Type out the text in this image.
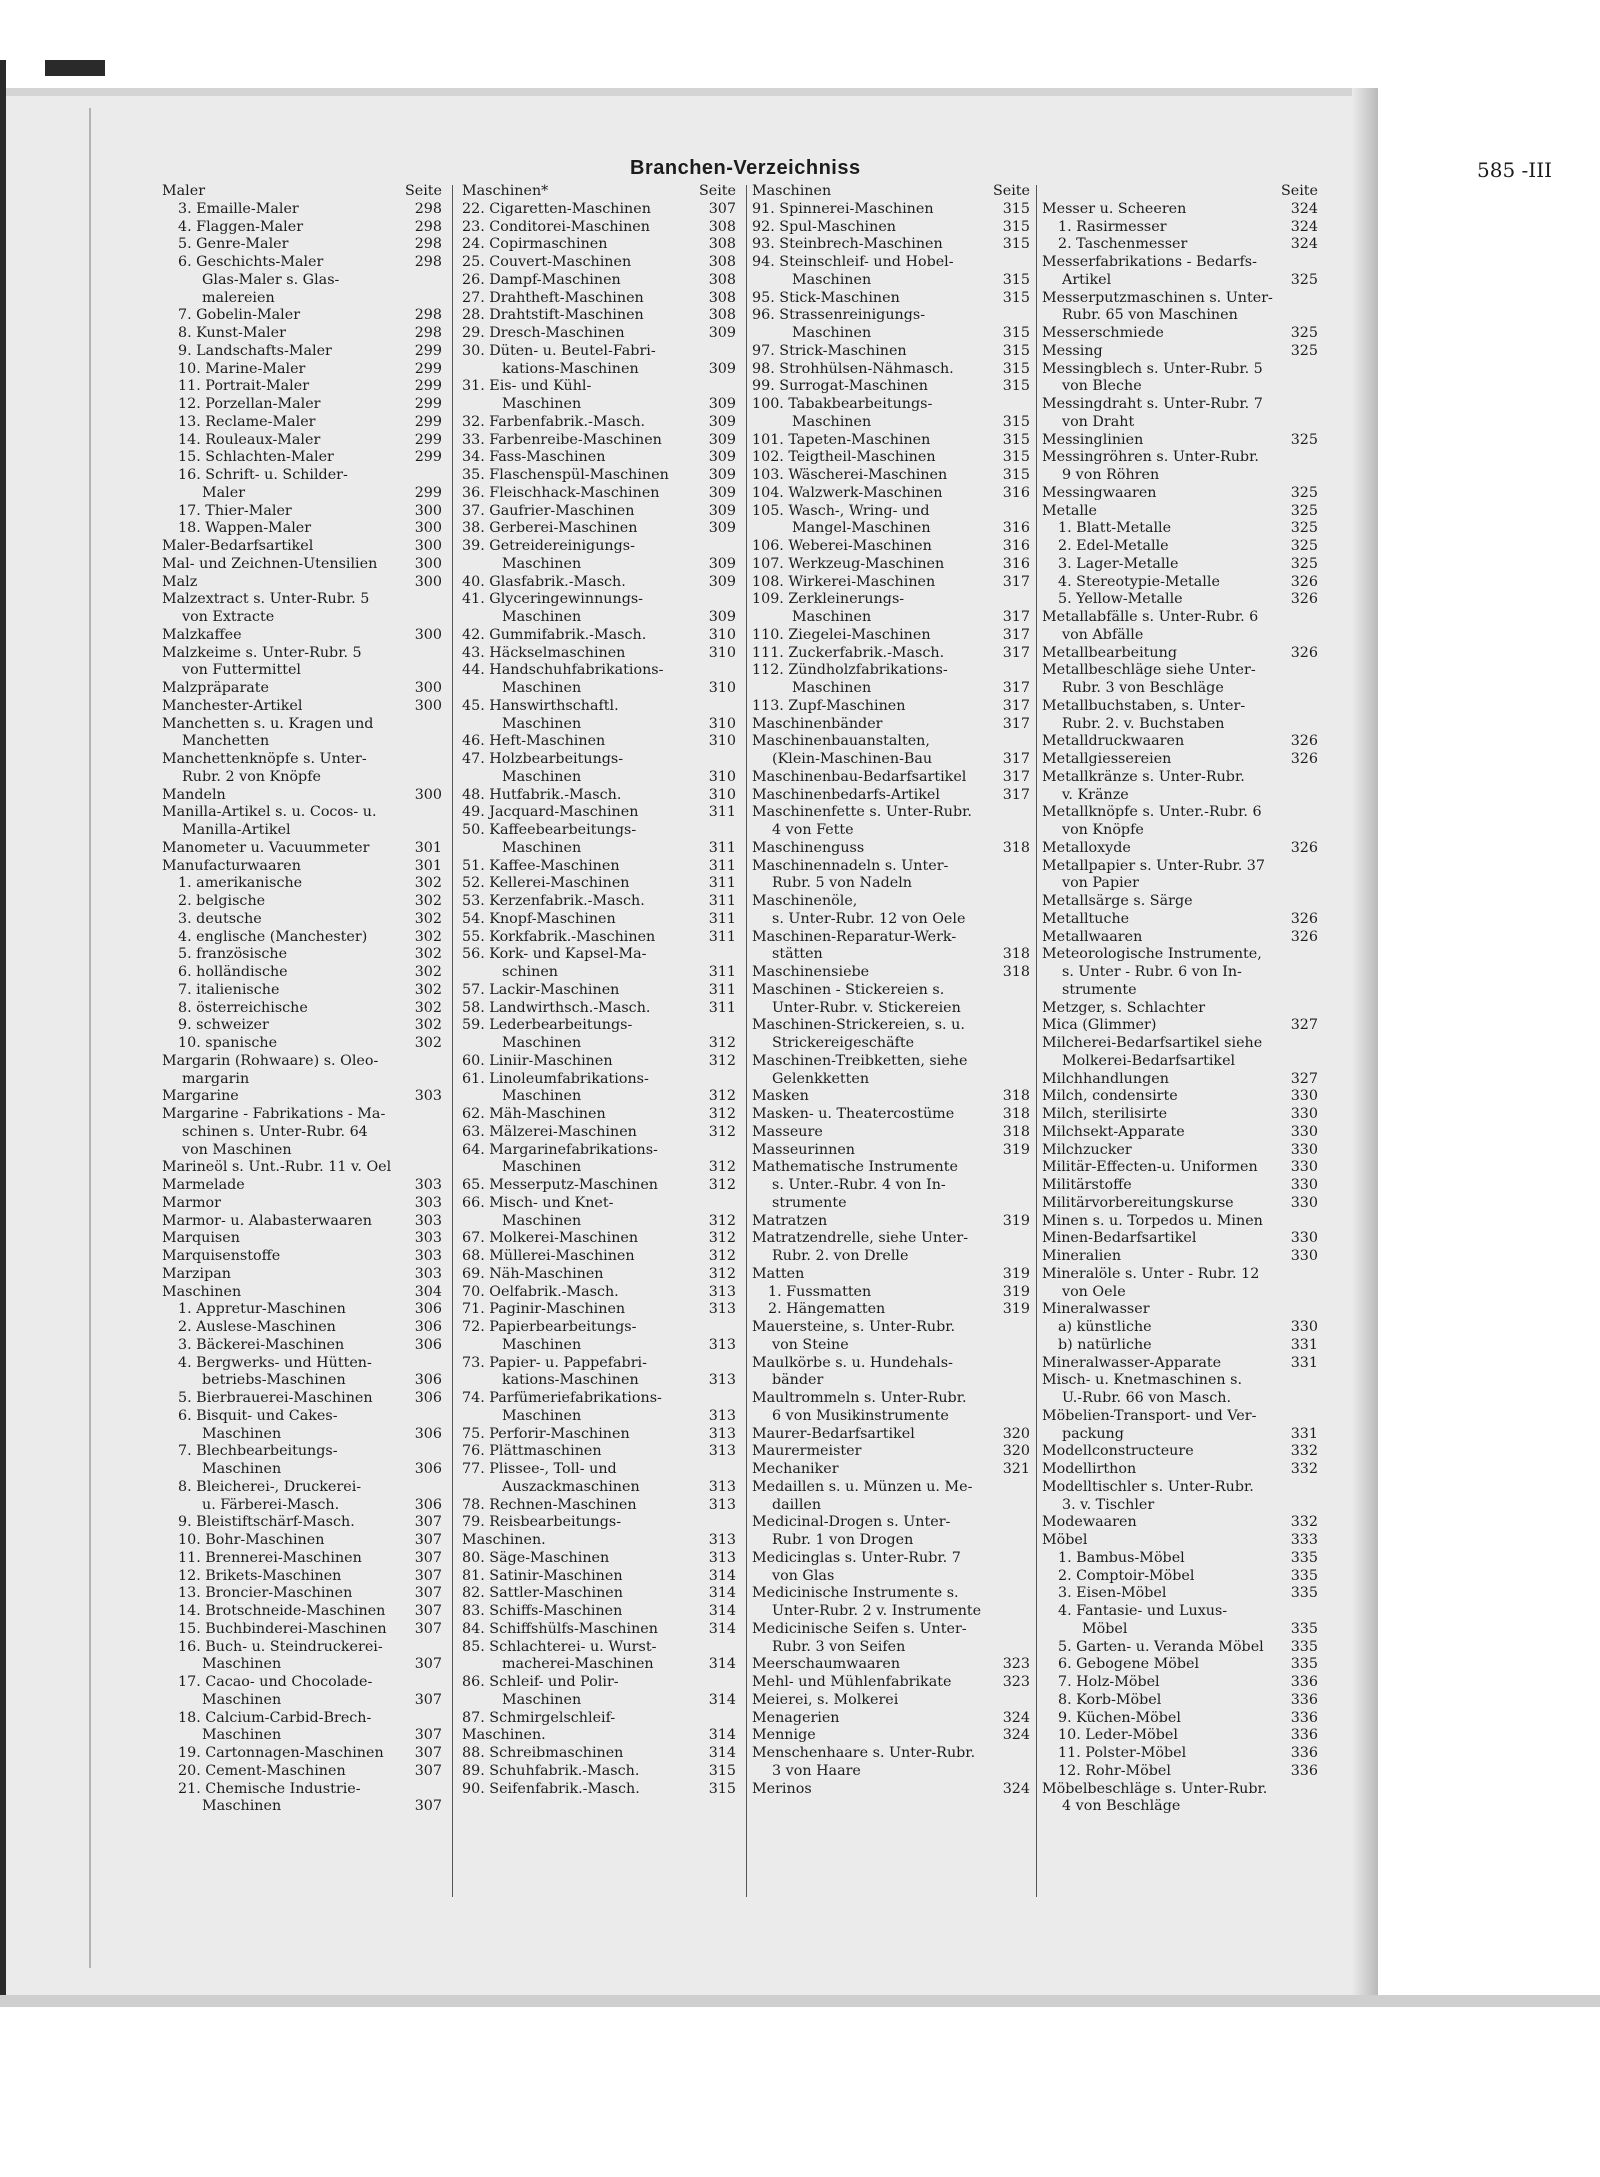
Branchen-Verzeichniss	585 -III
Maler	Seite
3. Emaille-Maler . . .	298
4. Flaggen-Maler . . .	298
5. Genre-Maler . . .	298
6. Geschichts-Maler . . .	298
Glas-Maler s. Glas-
malereien
7. Gobelin-Maler . . .	298
8. Kunst-Maler . . .	298
9. Landschafts-Maler . . .	299
10. Marine-Maler . . .	299
11. Portrait-Maler . . .	299
12. Porzellan-Maler . . .	299
13. Reclame-Maler . . .	299
14. Rouleaux-Maler . . .	299
15. Schlachten-Maler . . .	299
16. Schrift- u. Schilder-
Maler . . .	299
17. Thier-Maler . . .	300
18. Wappen-Maler . . .	300
Maler-Bedarfsartikel . . .	300
Mal- und Zeichnen-Utensilien . . .	300
Malz . . .	300
Malzextract s. Unter-Rubr. 5
von Extracte
Malzkaffee . . .	300
Malzkeime s. Unter-Rubr. 5
von Futtermittel
Malzpräparate . . .	300
Manchester-Artikel . . .	300
Manchetten s. u. Kragen und
Manchetten
Manchettenknöpfe s. Unter-
Rubr. 2 von Knöpfe
Mandeln . . .	300
Manilla-Artikel s. u. Cocos- u.
Manilla-Artikel
Manometer u. Vacuummeter . . .	301
Manufacturwaaren . . .	301
1. amerikanische . . .	302
2. belgische . . .	302
3. deutsche . . .	302
4. englische (Manchester) . . .	302
5. französische . . .	302
6. holländische . . .	302
7. italienische . . .	302
8. österreichische . . .	302
9. schweizer . . .	302
10. spanische . . .	302
Margarin (Rohwaare) s. Oleo-
margarin
Margarine . . .	303
Margarine - Fabrikations - Ma-
schinen s. Unter-Rubr. 64
von Maschinen
Marineöl s. Unt.-Rubr. 11 v. Oel
Marmelade . . .	303
Marmor . . .	303
Marmor- u. Alabasterwaaren . . .	303
Marquisen . . .	303
Marquisenstoffe . . .	303
Marzipan . . .	303
Maschinen . . .	304
1. Appretur-Maschinen . . .	306
2. Auslese-Maschinen . . .	306
3. Bäckerei-Maschinen . . .	306
4. Bergwerks- und Hütten-
betriebs-Maschinen . . .	306
5. Bierbrauerei-Maschinen . . .	306
6. Bisquit- und Cakes-
Maschinen . . .	306
7. Blechbearbeitungs-
Maschinen . . .	306
8. Bleicherei-, Druckerei-
u. Färberei-Masch. . . .	306
9. Bleistiftschärf-Masch. . . .	307
10. Bohr-Maschinen . . .	307
11. Brennerei-Maschinen . . .	307
12. Brikets-Maschinen . . .	307
13. Broncier-Maschinen . . .	307
14. Brotschneide-Maschinen . . . 307
15. Buchbinderei-Maschinen . . . 307
16. Buch- u. Steindruckerei-
Maschinen . . .	307
17. Cacao- und Chocolade-
Maschinen . . .	307
18. Calcium-Carbid-Brech-
Maschinen . . .	307
19. Cartonnagen-Maschinen . . . 307
20. Cement-Maschinen . . .	307
21. Chemische Industrie-
Maschinen . . .	307
Maschinen*	Seite
22. Cigaretten-Maschinen . . .	307
23. Conditorei-Maschinen . . .	308
24. Copirmaschinen . . .	308
25. Couvert-Maschinen . . .	308
26. Dampf-Maschinen . . .	308
27. Drahtheft-Maschinen . . .	308
28. Drahtstift-Maschinen . . .	308
29. Dresch-Maschinen . . .	309
30. Düten- u. Beutel-Fabri-
kations-Maschinen . . .	309
31. Eis- und Kühl-
Maschinen . . .	309
32. Farbenfabrik.-Masch. . . .	309
33. Farbenreibe-Maschinen . . .	309
34. Fass-Maschinen . . .	309
35. Flaschenspül-Maschinen . . .	309
36. Fleischhack-Maschinen . . .	309
37. Gaufrier-Maschinen . . .	309
38. Gerberei-Maschinen . . .	309
39. Getreidereinigungs-
Maschinen . . .	309
40. Glasfabrik.-Masch. . . .	309
41. Glyceringewinnungs-
Maschinen . . .	309
42. Gummifabrik.-Masch. . . .	310
43. Häckselmaschinen . . .	310
44. Handschuhfabrikations-
Maschinen . . .	310
45. Hanswirthschaftl.
Maschinen . . .	310
46. Heft-Maschinen . . .	310
47. Holzbearbeitungs-
Maschinen . . .	310
48. Hutfabrik.-Masch. . . .	310
49. Jacquard-Maschinen . . .	311
50. Kaffeebearbeitungs-
Maschinen . . .	311
51. Kaffee-Maschinen . . .	311
52. Kellerei-Maschinen . . .	311
53. Kerzenfabrik.-Masch. . . .	311
54. Knopf-Maschinen . . .	311
55. Korkfabrik.-Maschinen . . .	311
56. Kork- und Kapsel-Ma-
schinen . . .	311
57. Lackir-Maschinen . . .	311
58. Landwirthsch.-Masch. . . .	311
59. Lederbearbeitungs-
Maschinen . . .	312
60. Liniir-Maschinen . . .	312
61. Linoleumfabrikations-
Maschinen . . .	312
62. Mäh-Maschinen . . .	312
63. Mälzerei-Maschinen . . .	312
64. Margarinefabrikations-
Maschinen . . .	312
65. Messerputz-Maschinen . . .	312
66. Misch- und Knet-
Maschinen . . .	312
67. Molkerei-Maschinen . . .	312
68. Müllerei-Maschinen . . .	312
69. Näh-Maschinen . . .	312
70. Oelfabrik.-Masch. . . .	313
71. Paginir-Maschinen . . .	313
72. Papierbearbeitungs-
Maschinen . . .	313
73. Papier- u. Pappefabri-
kations-Maschinen . . .	313
74. Parfümeriefabrikations-
Maschinen . . .	313
75. Perforir-Maschinen . . .	313
76. Plättmaschinen . . .	313
77. Plissee-, Toll- und
Auszackmaschinen . . .	313
78. Rechnen-Maschinen . . .	313
79. Reisbearbeitungs-
Maschinen. . . .	313
80. Säge-Maschinen . . .	313
81. Satinir-Maschinen . . .	314
82. Sattler-Maschinen . . .	314
83. Schiffs-Maschinen . . .	314
84. Schiffshülfs-Maschinen . . .	314
85. Schlachterei- u. Wurst-
macherei-Maschinen . . .	314
86. Schleif- und Polir-
Maschinen . . .	314
87. Schmirgelschleif-
Maschinen. . . .	314
88. Schreibmaschinen . . .	314
89. Schuhfabrik.-Masch. . . .	315
90. Seifenfabrik.-Masch. . . .	315
Maschinen	Seite
91. Spinnerei-Maschinen . . .	315
92. Spul-Maschinen . . .	315
93. Steinbrech-Maschinen . . .	315
94. Steinschleif- und Hobel-
Maschinen . . .	315
95. Stick-Maschinen . . .	315
96. Strassenreinigungs-
Maschinen . . .	315
97. Strick-Maschinen . . .	315
98. Strohhülsen-Nähmasch. . . .	315
99. Surrogat-Maschinen . . .	315
100. Tabakbearbeitungs-
Maschinen . . .	315
101. Tapeten-Maschinen . . .	315
102. Teigtheil-Maschinen . . .	315
103. Wäscherei-Maschinen . . .	315
104. Walzwerk-Maschinen . . .	316
105. Wasch-, Wring- und
Mangel-Maschinen . . .	316
106. Weberei-Maschinen . . .	316
107. Werkzeug-Maschinen . . .	316
108. Wirkerei-Maschinen . . .	317
109. Zerkleinerungs-
Maschinen . . .	317
110. Ziegelei-Maschinen . . .	317
111. Zuckerfabrik.-Masch. . . .	317
112. Zündholzfabrikations-
Maschinen . . .	317
113. Zupf-Maschinen . . .	317
Maschinenbänder . . .	317
Maschinenbauanstalten,
(Klein-Maschinen-Bau . . .	317
Maschinenbau-Bedarfsartikel . . .	317
Maschinenbedarfs-Artikel . . .	317
Maschinenfette s. Unter-Rubr.
4 von Fette
Maschinenguss . . .	318
Maschinennadeln s. Unter-
Rubr. 5 von Nadeln
Maschinenöle,
s. Unter-Rubr. 12 von Oele
Maschinen-Reparatur-Werk-
stätten . . .	318
Maschinensiebe . . .	318
Maschinen - Stickereien s.
Unter-Rubr. v. Stickereien
Maschinen-Strickereien, s. u.
Strickereigeschäfte
Maschinen-Treibketten, siehe
Gelenkketten
Masken . . .	318
Masken- u. Theatercostüme . . .	318
Masseure . . .	318
Masseurinnen . . .	319
Mathematische Instrumente
s. Unter.-Rubr. 4 von In-
strumente
Matratzen . . .	319
Matratzendrelle, siehe Unter-
Rubr. 2. von Drelle
Matten . . .	319
1. Fussmatten . . .	319
2. Hängematten . . .	319
Mauersteine, s. Unter-Rubr.
von Steine
Maulkörbe s. u. Hundehals-
bänder
Maultrommeln s. Unter-Rubr.
6 von Musikinstrumente
Maurer-Bedarfsartikel . . .	320
Maurermeister . . .	320
Mechaniker . . .	321
Medaillen s. u. Münzen u. Me-
daillen
Medicinal-Drogen s. Unter-
Rubr. 1 von Drogen
Medicinglas s. Unter-Rubr. 7
von Glas
Medicinische Instrumente s.
Unter-Rubr. 2 v. Instrumente
Medicinische Seifen s. Unter-
Rubr. 3 von Seifen
Meerschaumwaaren . . .	323
Mehl- und Mühlenfabrikate . . .	323
Meierei, s. Molkerei
Menagerien . . .	324
Mennige . . .	324
Menschenhaare s. Unter-Rubr.
3 von Haare
Merinos . . .	324
Seite
Messer u. Scheeren . . .	324
1. Rasirmesser . . .	324
2. Taschenmesser . . .	324
Messerfabrikations - Bedarfs-
Artikel . . .	325
Messerputzmaschinen s. Unter-
Rubr. 65 von Maschinen
Messerschmiede . . .	325
Messing . . .	325
Messingblech s. Unter-Rubr. 5
von Bleche
Messingdraht s. Unter-Rubr. 7
von Draht
Messinglinien . . .	325
Messingröhren s. Unter-Rubr.
9 von Röhren
Messingwaaren . . .	325
Metalle . . .	325
1. Blatt-Metalle . . .	325
2. Edel-Metalle . . .	325
3. Lager-Metalle . . .	325
4. Stereotypie-Metalle . . .	326
5. Yellow-Metalle . . .	326
Metallabfälle s. Unter-Rubr. 6
von Abfälle
Metallbearbeitung . . .	326
Metallbeschläge siehe Unter-
Rubr. 3 von Beschläge
Metallbuchstaben, s. Unter-
Rubr. 2. v. Buchstaben
Metalldruckwaaren . . .	326
Metallgiessereien . . .	326
Metallkränze s. Unter-Rubr.
v. Kränze
Metallknöpfe s. Unter.-Rubr. 6
von Knöpfe
Metalloxyde . . .	326
Metallpapier s. Unter-Rubr. 37
von Papier
Metallsärge s. Särge
Metalltuche . . .	326
Metallwaaren . . .	326
Meteorologische Instrumente,
s. Unter - Rubr. 6 von In-
strumente
Metzger, s. Schlachter
Mica (Glimmer) . . .	327
Milcherei-Bedarfsartikel siehe
Molkerei-Bedarfsartikel
Milchhandlungen . . .	327
Milch, condensirte . . .	330
Milch, sterilisirte . . .	330
Milchsekt-Apparate . . .	330
Milchzucker . . .	330
Militär-Effecten-u. Uniformen . . . 330
Militärstoffe . . .	330
Militärvorbereitungskurse . . .	330
Minen s. u. Torpedos u. Minen
Minen-Bedarfsartikel . . .	330
Mineralien . . .	330
Mineralöle s. Unter - Rubr. 12
von Oele
Mineralwasser
a) künstliche . . .	330
b) natürliche . . .	331
Mineralwasser-Apparate . . .	331
Misch- u. Knetmaschinen s.
U.-Rubr. 66 von Masch.
Möbelien-Transport- und Ver-
packung . . .	331
Modellconstructeure . . .	332
Modellirthon . . .	332
Modelltischler s. Unter-Rubr.
3. v. Tischler
Modewaaren . . .	332
Möbel . . .	333
1. Bambus-Möbel . . .	335
2. Comptoir-Möbel . . .	335
3. Eisen-Möbel . . .	335
4. Fantasie- und Luxus-
Möbel . . .	335
5. Garten- u. Veranda Möbel . . . 335
6. Gebogene Möbel . . .	335
7. Holz-Möbel . . .	336
8. Korb-Möbel . . .	336
9. Küchen-Möbel . . .	336
10. Leder-Möbel . . .	336
11. Polster-Möbel . . .	336
12. Rohr-Möbel . . .	336
Möbelbeschläge s. Unter-Rubr.
4 von Beschläge
